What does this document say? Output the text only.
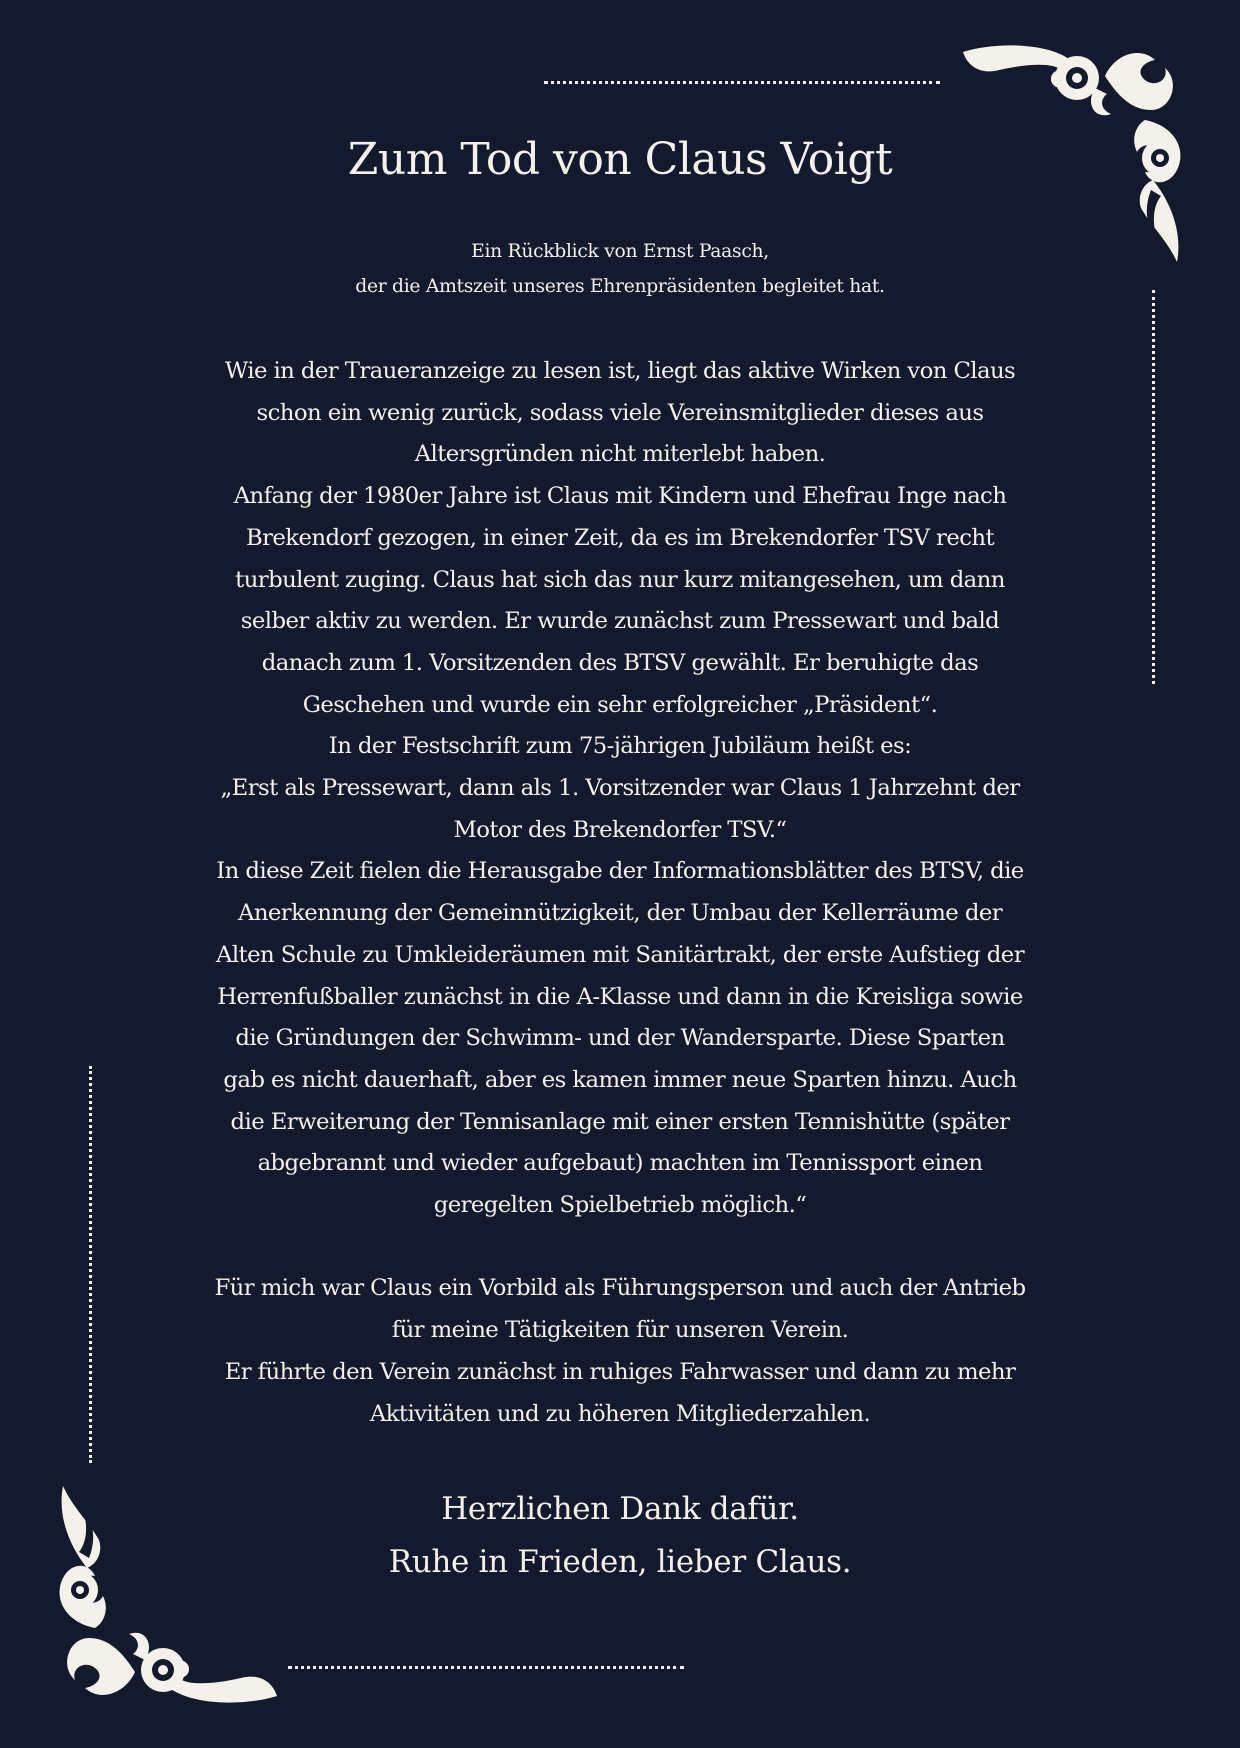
Zum Tod von Claus Voigt
Ein Rückblick von Ernst Paasch,
der die Amtszeit unseres Ehrenpräsidenten begleitet hat.
Wie in der Traueranzeige zu lesen ist, liegt das aktive Wirken von Claus
schon ein wenig zurück, sodass viele Vereinsmitglieder dieses aus
Altersgründen nicht miterlebt haben.
Anfang der 1980er Jahre ist Claus mit Kindern und Ehefrau Inge nach
Brekendorf gezogen, in einer Zeit, da es im Brekendorfer TSV recht
turbulent zuging. Claus hat sich das nur kurz mitangesehen, um dann
selber aktiv zu werden. Er wurde zunächst zum Pressewart und bald
danach zum 1. Vorsitzenden des BTSV gewählt. Er beruhigte das
Geschehen und wurde ein sehr erfolgreicher „Präsident“.
In der Festschrift zum 75-jährigen Jubiläum heißt es:
„Erst als Pressewart, dann als 1. Vorsitzender war Claus 1 Jahrzehnt der
Motor des Brekendorfer TSV.“
In diese Zeit fielen die Herausgabe der Informationsblätter des BTSV, die
Anerkennung der Gemeinnützigkeit, der Umbau der Kellerräume der
Alten Schule zu Umkleideräumen mit Sanitärtrakt, der erste Aufstieg der
Herrenfußballer zunächst in die A-Klasse und dann in die Kreisliga sowie
die Gründungen der Schwimm- und der Wandersparte. Diese Sparten
gab es nicht dauerhaft, aber es kamen immer neue Sparten hinzu. Auch
die Erweiterung der Tennisanlage mit einer ersten Tennishütte (später
abgebrannt und wieder aufgebaut) machten im Tennissport einen
geregelten Spielbetrieb möglich.“
Für mich war Claus ein Vorbild als Führungsperson und auch der Antrieb
für meine Tätigkeiten für unseren Verein.
Er führte den Verein zunächst in ruhiges Fahrwasser und dann zu mehr
Aktivitäten und zu höheren Mitgliederzahlen.
Herzlichen Dank dafür.
Ruhe in Frieden, lieber Claus.
